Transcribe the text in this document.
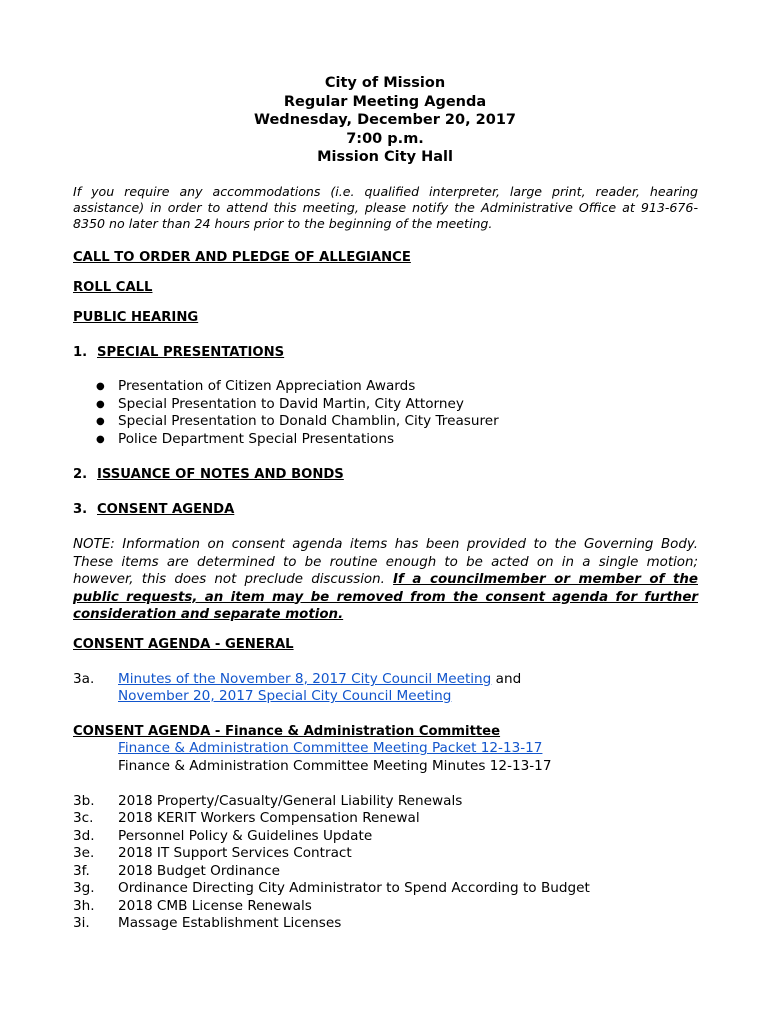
City of Mission
Regular Meeting Agenda
Wednesday, December 20, 2017
7:00 p.m.
Mission City Hall
If you require any accommodations (i.e. qualified interpreter, large print, reader, hearing assistance) in order to attend this meeting, please notify the Administrative Office at 913-676-8350 no later than 24 hours prior to the beginning of the meeting.
CALL TO ORDER AND PLEDGE OF ALLEGIANCE
ROLL CALL
PUBLIC HEARING
1. SPECIAL PRESENTATIONS
● Presentation of Citizen Appreciation Awards
● Special Presentation to David Martin, City Attorney
● Special Presentation to Donald Chamblin, City Treasurer
● Police Department Special Presentations
2. ISSUANCE OF NOTES AND BONDS
3. CONSENT AGENDA
NOTE: Information on consent agenda items has been provided to the Governing Body. These items are determined to be routine enough to be acted on in a single motion; however, this does not preclude discussion. If a councilmember or member of the public requests, an item may be removed from the consent agenda for further consideration and separate motion.
CONSENT AGENDA - GENERAL
3a. Minutes of the November 8, 2017 City Council Meeting and
November 20, 2017 Special City Council Meeting
CONSENT AGENDA - Finance & Administration Committee
Finance & Administration Committee Meeting Packet 12-13-17
Finance & Administration Committee Meeting Minutes 12-13-17
3b. 2018 Property/Casualty/General Liability Renewals
3c. 2018 KERIT Workers Compensation Renewal
3d. Personnel Policy & Guidelines Update
3e. 2018 IT Support Services Contract
3f. 2018 Budget Ordinance
3g. Ordinance Directing City Administrator to Spend According to Budget
3h. 2018 CMB License Renewals
3i. Massage Establishment Licenses
